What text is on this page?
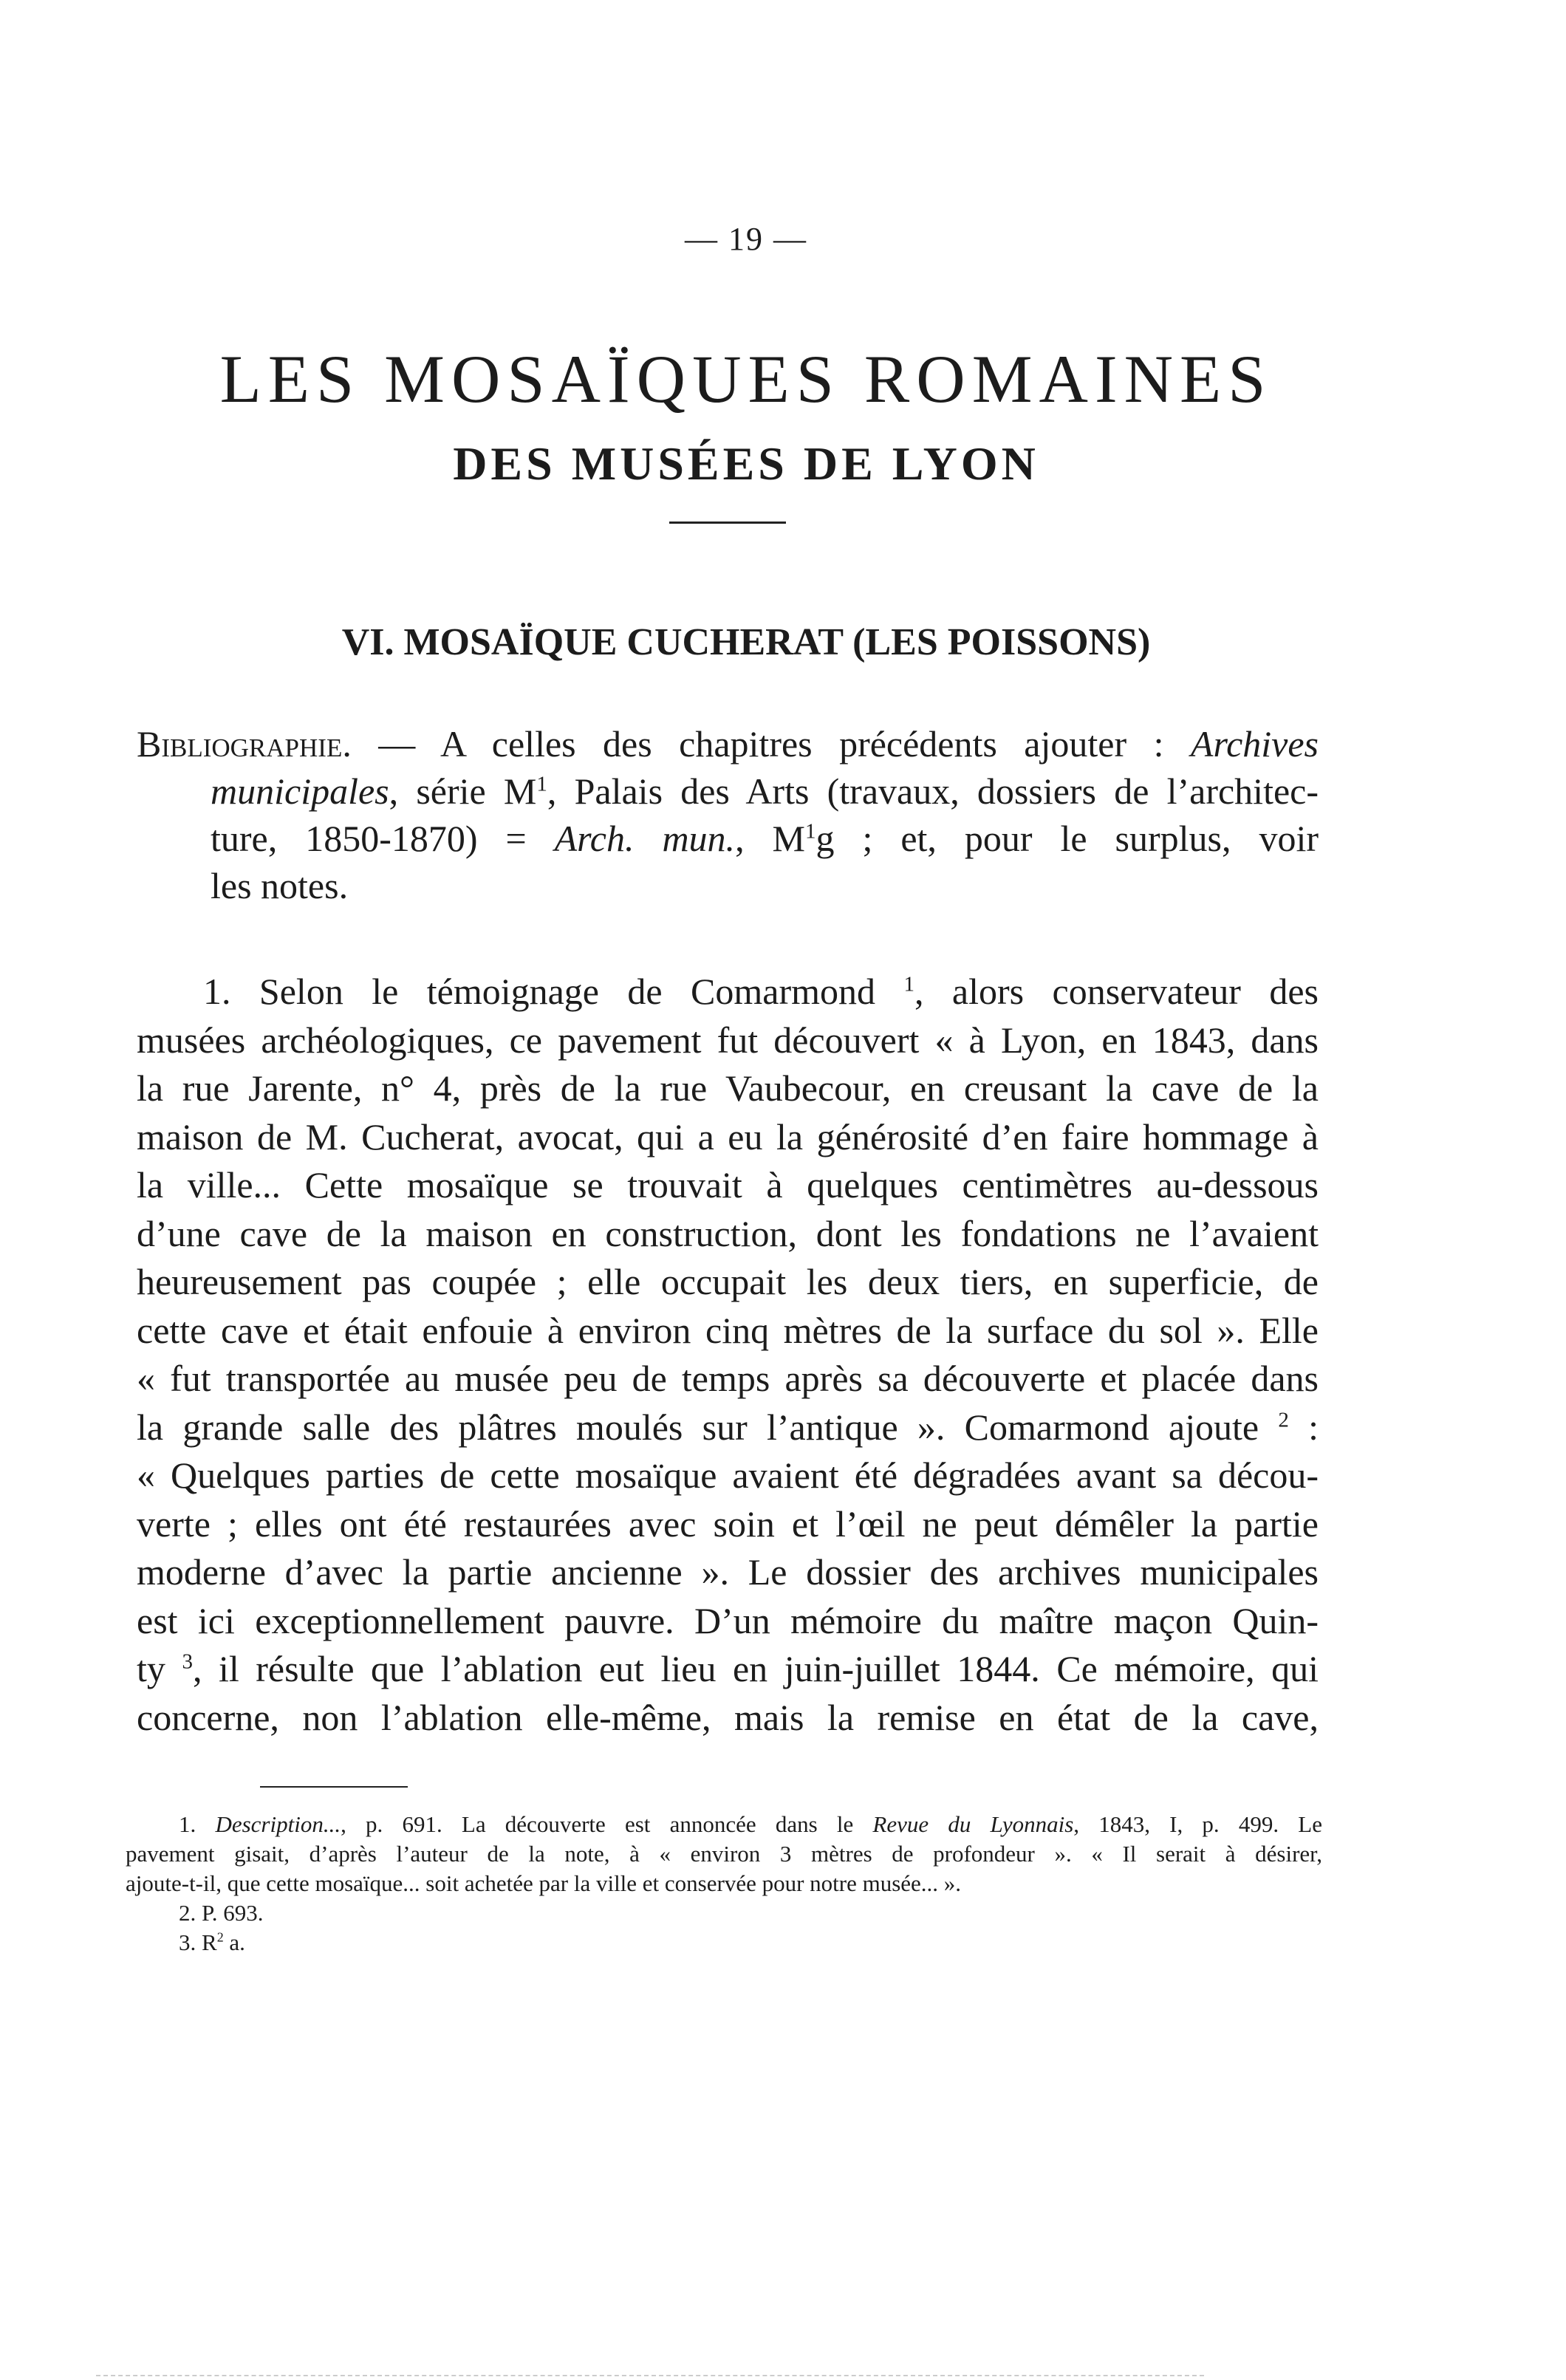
— 19 —
LES MOSAÏQUES ROMAINES
DES MUSÉES DE LYON
VI. MOSAÏQUE CUCHERAT (LES POISSONS)
Bibliographie. — A celles des chapitres précédents ajouter : Archives
municipales, série $M^1$, Palais des Arts (travaux, dossiers de l’architec-
ture, 1850-1870) = Arch. mun., $M^1g$ ; et, pour le surplus, voir
les notes.
1. Selon le témoignage de Comarmond $^1$, alors conservateur des
musées archéologiques, ce pavement fut découvert « à Lyon, en 1843, dans
la rue Jarente, n° 4, près de la rue Vaubecour, en creusant la cave de la
maison de M. Cucherat, avocat, qui a eu la générosité d’en faire hommage à
la ville... Cette mosaïque se trouvait à quelques centimètres au-dessous
d’une cave de la maison en construction, dont les fondations ne l’avaient
heureusement pas coupée ; elle occupait les deux tiers, en superficie, de
cette cave et était enfouie à environ cinq mètres de la surface du sol ». Elle
« fut transportée au musée peu de temps après sa découverte et placée dans
la grande salle des plâtres moulés sur l’antique ». Comarmond ajoute $^2$ :
« Quelques parties de cette mosaïque avaient été dégradées avant sa décou-
verte ; elles ont été restaurées avec soin et l’œil ne peut démêler la partie
moderne d’avec la partie ancienne ». Le dossier des archives municipales
est ici exceptionnellement pauvre. D’un mémoire du maître maçon Quin-
ty $^3$, il résulte que l’ablation eut lieu en juin-juillet 1844. Ce mémoire, qui
concerne, non l’ablation elle-même, mais la remise en état de la cave,
1. Description..., p. 691. La découverte est annoncée dans le Revue du Lyonnais, 1843, I, p. 499. Le
pavement gisait, d’après l’auteur de la note, à « environ 3 mètres de profondeur ». « Il serait à désirer,
ajoute-t-il, que cette mosaïque... soit achetée par la ville et conservée pour notre musée... ».
2. P. 693.
3. $R^2$ a.
